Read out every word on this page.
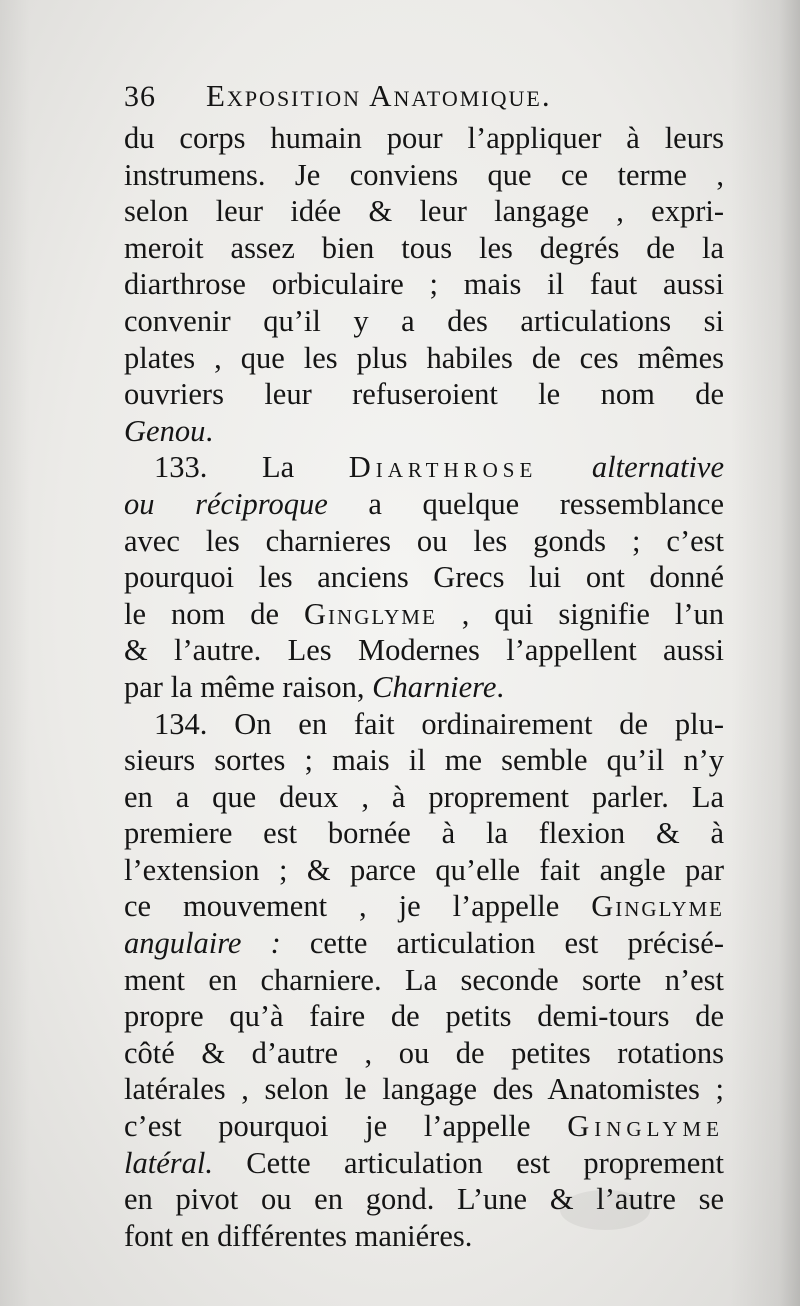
36	Exposition Anatomique.
du corps humain pour l’appliquer à leurs
instrumens. Je conviens que ce terme ,
selon leur idée & leur langage , expri-
meroit assez bien tous les degrés de la
diarthrose orbiculaire ; mais il faut aussi
convenir qu’il y a des articulations si
plates , que les plus habiles de ces mêmes
ouvriers leur refuseroient le nom de
Genou.
133. La Diarthrose alternative
ou réciproque a quelque ressemblance
avec les charnieres ou les gonds ; c’est
pourquoi les anciens Grecs lui ont donné
le nom de Ginglyme , qui signifie l’un
& l’autre. Les Modernes l’appellent aussi
par la même raison, Charniere.
134. On en fait ordinairement de plu-
sieurs sortes ; mais il me semble qu’il n’y
en a que deux , à proprement parler. La
premiere est bornée à la flexion & à
l’extension ; & parce qu’elle fait angle par
ce mouvement , je l’appelle Ginglyme
angulaire : cette articulation est précisé-
ment en charniere. La seconde sorte n’est
propre qu’à faire de petits demi-tours de
côté & d’autre , ou de petites rotations
latérales , selon le langage des Anatomistes ;
c’est pourquoi je l’appelle Ginglyme
latéral. Cette articulation est proprement
en pivot ou en gond. L’une & l’autre se
font en différentes maniéres.
